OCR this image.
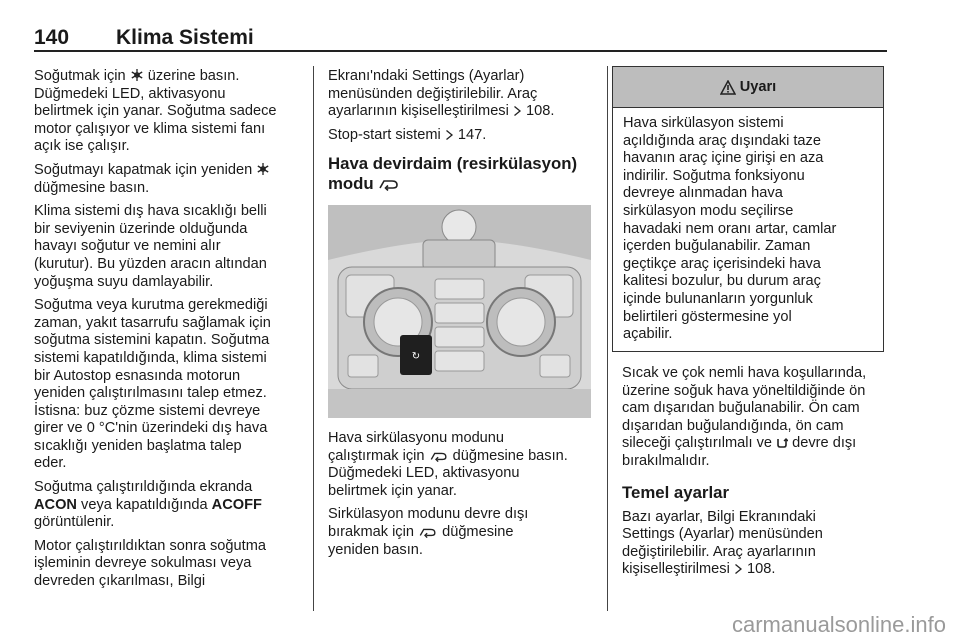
140 Klima Sistemi

Soğutmak için  üzerine basın.
Düğmedeki LED, aktivasyonu
belirtmek için yanar. Soğutma sadece
motor çalışıyor ve klima sistemi fanı
açık ise çalışır.

Soğutmayı kapatmak için yeniden
düğmesine basın.

Klima sistemi dış hava sıcaklığı belli
bir seviyenin üzerinde olduğunda
havayı soğutur ve nemini alır
(kurutur). Bu yüzden aracın altından
yoğuşma suyu damlayabilir.

Soğutma veya kurutma gerekmediği
zaman, yakıt tasarrufu sağlamak için
soğutma sistemini kapatın. Soğutma
sistemi kapatıldığında, klima sistemi
bir Autostop esnasında motorun
yeniden çalıştırılmasını talep etmez.
İstisna: buz çözme sistemi devreye
girer ve 0 °C'nin üzerindeki dış hava
sıcaklığı yeniden başlatma talep
eder.

Soğutma çalıştırıldığında ekranda
ACON veya kapatıldığında ACOFF
görüntülenir.

Motor çalıştırıldıktan sonra soğutma
işleminin devreye sokulması veya
devreden çıkarılması, Bilgi

Ekranı'ndaki Settings (Ayarlar)
menüsünden değiştirilebilir. Araç
ayarlarının kişiselleştirilmesi  108.

Stop-start sistemi  147.

Hava devirdaim (resirkülasyon)
modu
↻

Hava sirkülasyonu modunu
çalıştırmak için  düğmesine basın.
Düğmedeki LED, aktivasyonu
belirtmek için yanar.

Sirkülasyon modunu devre dışı
bırakmak için  düğmesine
yeniden basın.

Uyarı
Hava sirkülasyon sistemi
açıldığında araç dışındaki taze
havanın araç içine girişi en aza
indirilir. Soğutma fonksiyonu
devreye alınmadan hava
sirkülasyon modu seçilirse
havadaki nem oranı artar, camlar
içerden buğulanabilir. Zaman
geçtikçe araç içerisindeki hava
kalitesi bozulur, bu durum araç
içinde bulunanların yorgunluk
belirtileri göstermesine yol
açabilir.

Sıcak ve çok nemli hava koşullarında,
üzerine soğuk hava yöneltildiğinde ön
cam dışarıdan buğulanabilir. Ön cam
dışarıdan buğulandığında, ön cam
sileceği çalıştırılmalı ve  devre dışı
bırakılmalıdır.

Temel ayarlar

Bazı ayarlar, Bilgi Ekranındaki
Settings (Ayarlar) menüsünden
değiştirilebilir. Araç ayarlarının
kişiselleştirilmesi  108.

carmanualsonline.info
